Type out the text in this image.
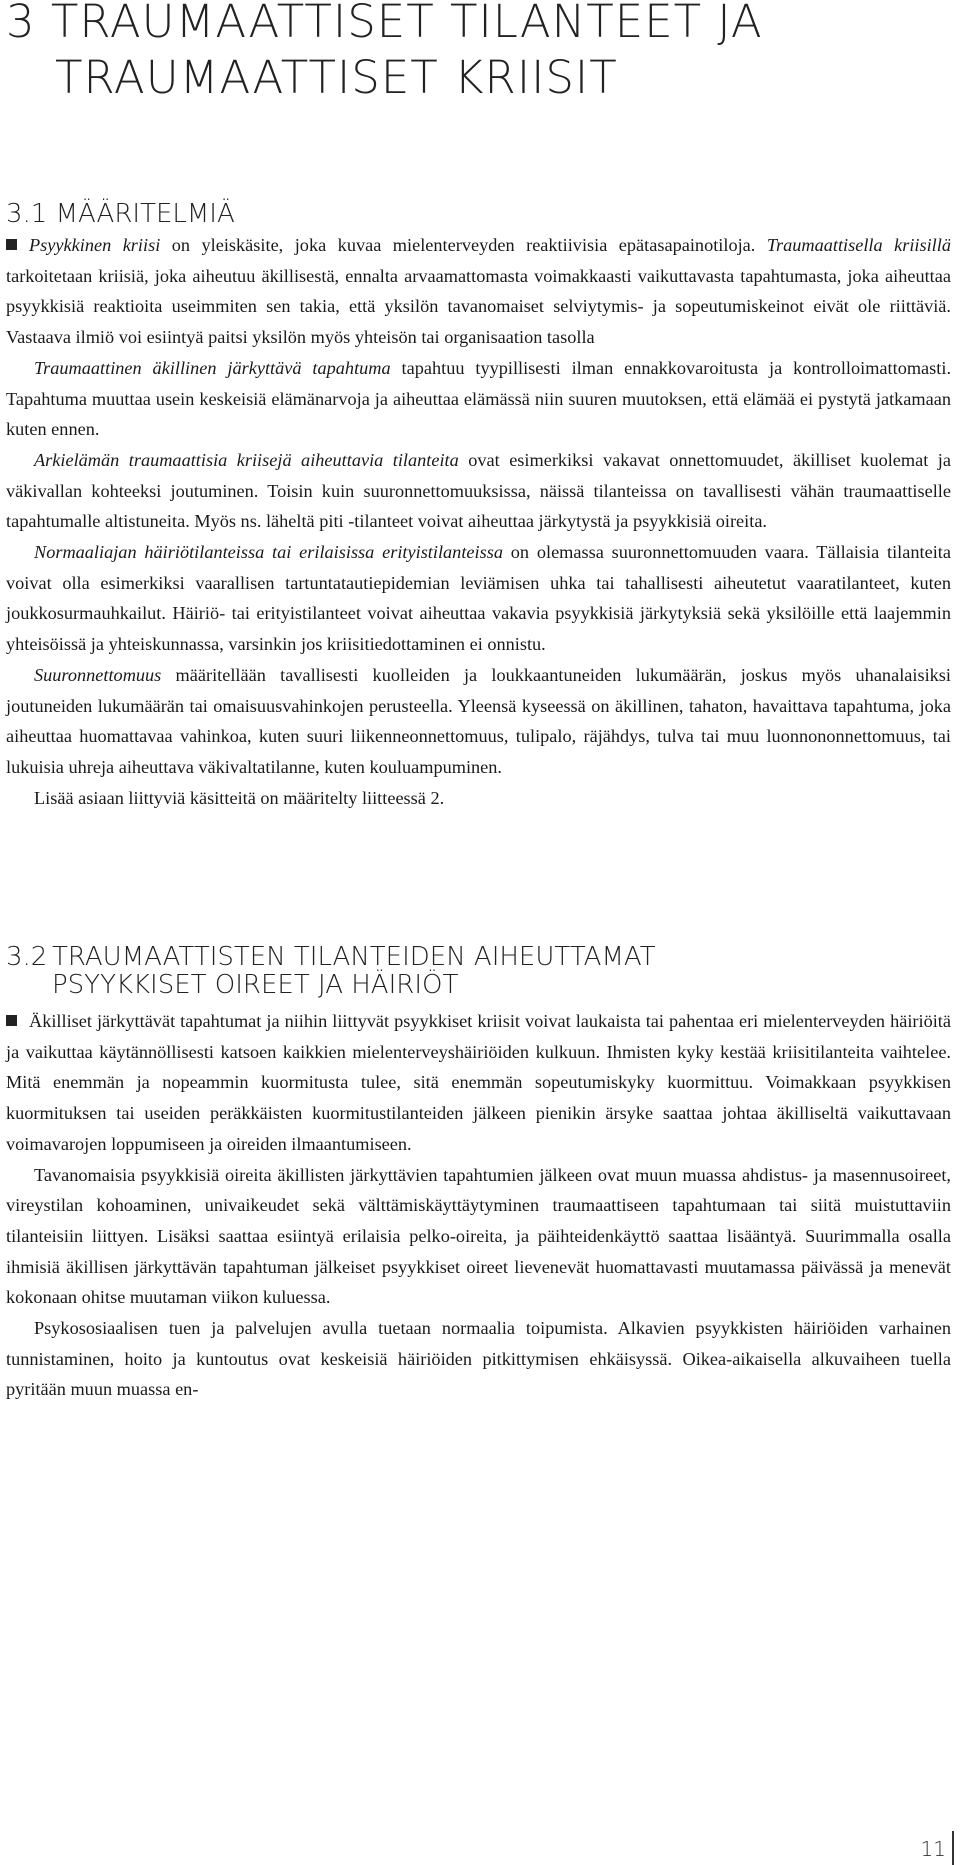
3 TRAUMAATTISET TILANTEET JA
TRAUMAATTISET KRIISIT
3.1 MÄÄRITELMIÄ

Psyykkinen kriisi on yleiskäsite, joka kuvaa mielenterveyden reaktiivisia epätasapainotiloja. Traumaattisella kriisillä tarkoitetaan kriisiä, joka aiheutuu äkillisestä, ennalta arvaamattomasta voimakkaasti vaikuttavasta tapahtumasta, joka aiheuttaa psyykkisiä reaktioita useimmiten sen takia, että yksilön tavanomaiset selviytymis- ja sopeutumiskeinot eivät ole riittäviä. Vastaava ilmiö voi esiintyä paitsi yksilön myös yhteisön tai organisaation tasolla

Traumaattinen äkillinen järkyttävä tapahtuma tapahtuu tyypillisesti ilman ennakkovaroitusta ja kontrolloimattomasti. Tapahtuma muuttaa usein keskeisiä elämänarvoja ja aiheuttaa elämässä niin suuren muutoksen, että elämää ei pystytä jatkamaan kuten ennen.

Arkielämän traumaattisia kriisejä aiheuttavia tilanteita ovat esimerkiksi vakavat onnettomuudet, äkilliset kuolemat ja väkivallan kohteeksi joutuminen. Toisin kuin suuronnettomuuksissa, näissä tilanteissa on tavallisesti vähän traumaattiselle tapahtumalle altistuneita. Myös ns. läheltä piti -tilanteet voivat aiheuttaa järkytystä ja psyykkisiä oireita.

Normaaliajan häiriötilanteissa tai erilaisissa erityistilanteissa on olemassa suuronnettomuuden vaara. Tällaisia tilanteita voivat olla esimerkiksi vaarallisen tartuntatautiepidemian leviämisen uhka tai tahallisesti aiheutetut vaaratilanteet, kuten joukkosurmauhkailut. Häiriö- tai erityistilanteet voivat aiheuttaa vakavia psyykkisiä järkytyksiä sekä yksilöille että laajemmin yhteisöissä ja yhteiskunnassa, varsinkin jos kriisitiedottaminen ei onnistu.

Suuronnettomuus määritellään tavallisesti kuolleiden ja loukkaantuneiden lukumäärän, joskus myös uhanalaisiksi joutuneiden lukumäärän tai omaisuusvahinkojen perusteella. Yleensä kyseessä on äkillinen, tahaton, havaittava tapahtuma, joka aiheuttaa huomattavaa vahinkoa, kuten suuri liikenneonnettomuus, tulipalo, räjähdys, tulva tai muu luonnononnettomuus, tai lukuisia uhreja aiheuttava väkivaltatilanne, kuten kouluampuminen.

Lisää asiaan liittyviä käsitteitä on määritelty liitteessä 2.

3.2 TRAUMAATTISTEN TILANTEIDEN AIHEUTTAMAT
PSYYKKISET OIREET JA HÄIRIÖT

Äkilliset järkyttävät tapahtumat ja niihin liittyvät psyykkiset kriisit voivat laukaista tai pahentaa eri mielenterveyden häiriöitä ja vaikuttaa käytännöllisesti katsoen kaikkien mielenterveyshäiriöiden kulkuun. Ihmisten kyky kestää kriisitilanteita vaihtelee. Mitä enemmän ja nopeammin kuormitusta tulee, sitä enemmän sopeutumiskyky kuormittuu. Voimakkaan psyykkisen kuormituksen tai useiden peräkkäisten kuormitustilanteiden jälkeen pienikin ärsyke saattaa johtaa äkilliseltä vaikuttavaan voimavarojen loppumiseen ja oireiden ilmaantumiseen.

Tavanomaisia psyykkisiä oireita äkillisten järkyttävien tapahtumien jälkeen ovat muun muassa ahdistus- ja masennusoireet, vireystilan kohoaminen, univaikeudet sekä välttämiskäyttäytyminen traumaattiseen tapahtumaan tai siitä muistuttaviin tilanteisiin liittyen. Lisäksi saattaa esiintyä erilaisia pelko-oireita, ja päihteidenkäyttö saattaa lisääntyä. Suurimmalla osalla ihmisiä äkillisen järkyttävän tapahtuman jälkeiset psyykkiset oireet lievenevät huomattavasti muutamassa päivässä ja menevät kokonaan ohitse muutaman viikon kuluessa.

Psykososiaalisen tuen ja palvelujen avulla tuetaan normaalia toipumista. Alkavien psyykkisten häiriöiden varhainen tunnistaminen, hoito ja kuntoutus ovat keskeisiä häiriöiden pitkittymisen ehkäisyssä. Oikea-aikaisella alkuvaiheen tuella pyritään muun muassa en-

11
